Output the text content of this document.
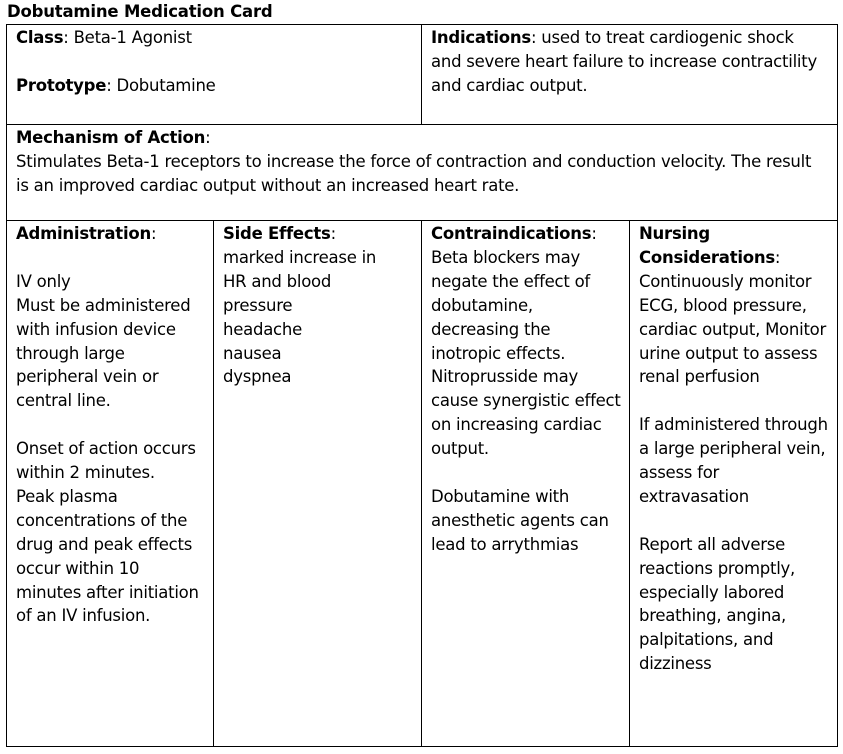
Dobutamine Medication Card

Class: Beta-1 Agonist

Prototype: Dobutamine

Indications: used to treat cardiogenic shock and severe heart failure to increase contractility and cardiac output.

Mechanism of Action:

Stimulates Beta-1 receptors to increase the force of contraction and conduction velocity. The result is an improved cardiac output without an increased heart rate.

Administration:

IV only
Must be administered with infusion device through large peripheral vein or central line.

Onset of action occurs within 2 minutes.
Peak plasma concentrations of the drug and peak effects occur within 10 minutes after initiation of an IV infusion.

Side Effects:

marked increase in HR and blood pressure

headache

nausea

dyspnea

Contraindications:

Beta blockers may negate the effect of dobutamine, decreasing the inotropic effects. Nitroprusside may cause synergistic effect on increasing cardiac output.

Dobutamine with anesthetic agents can lead to arrythmias

Nursing Considerations:

Continuously monitor ECG, blood pressure, cardiac output, Monitor urine output to assess renal perfusion

If administered through a large peripheral vein, assess for extravasation

Report all adverse reactions promptly, especially labored breathing, angina, palpitations, and dizziness
